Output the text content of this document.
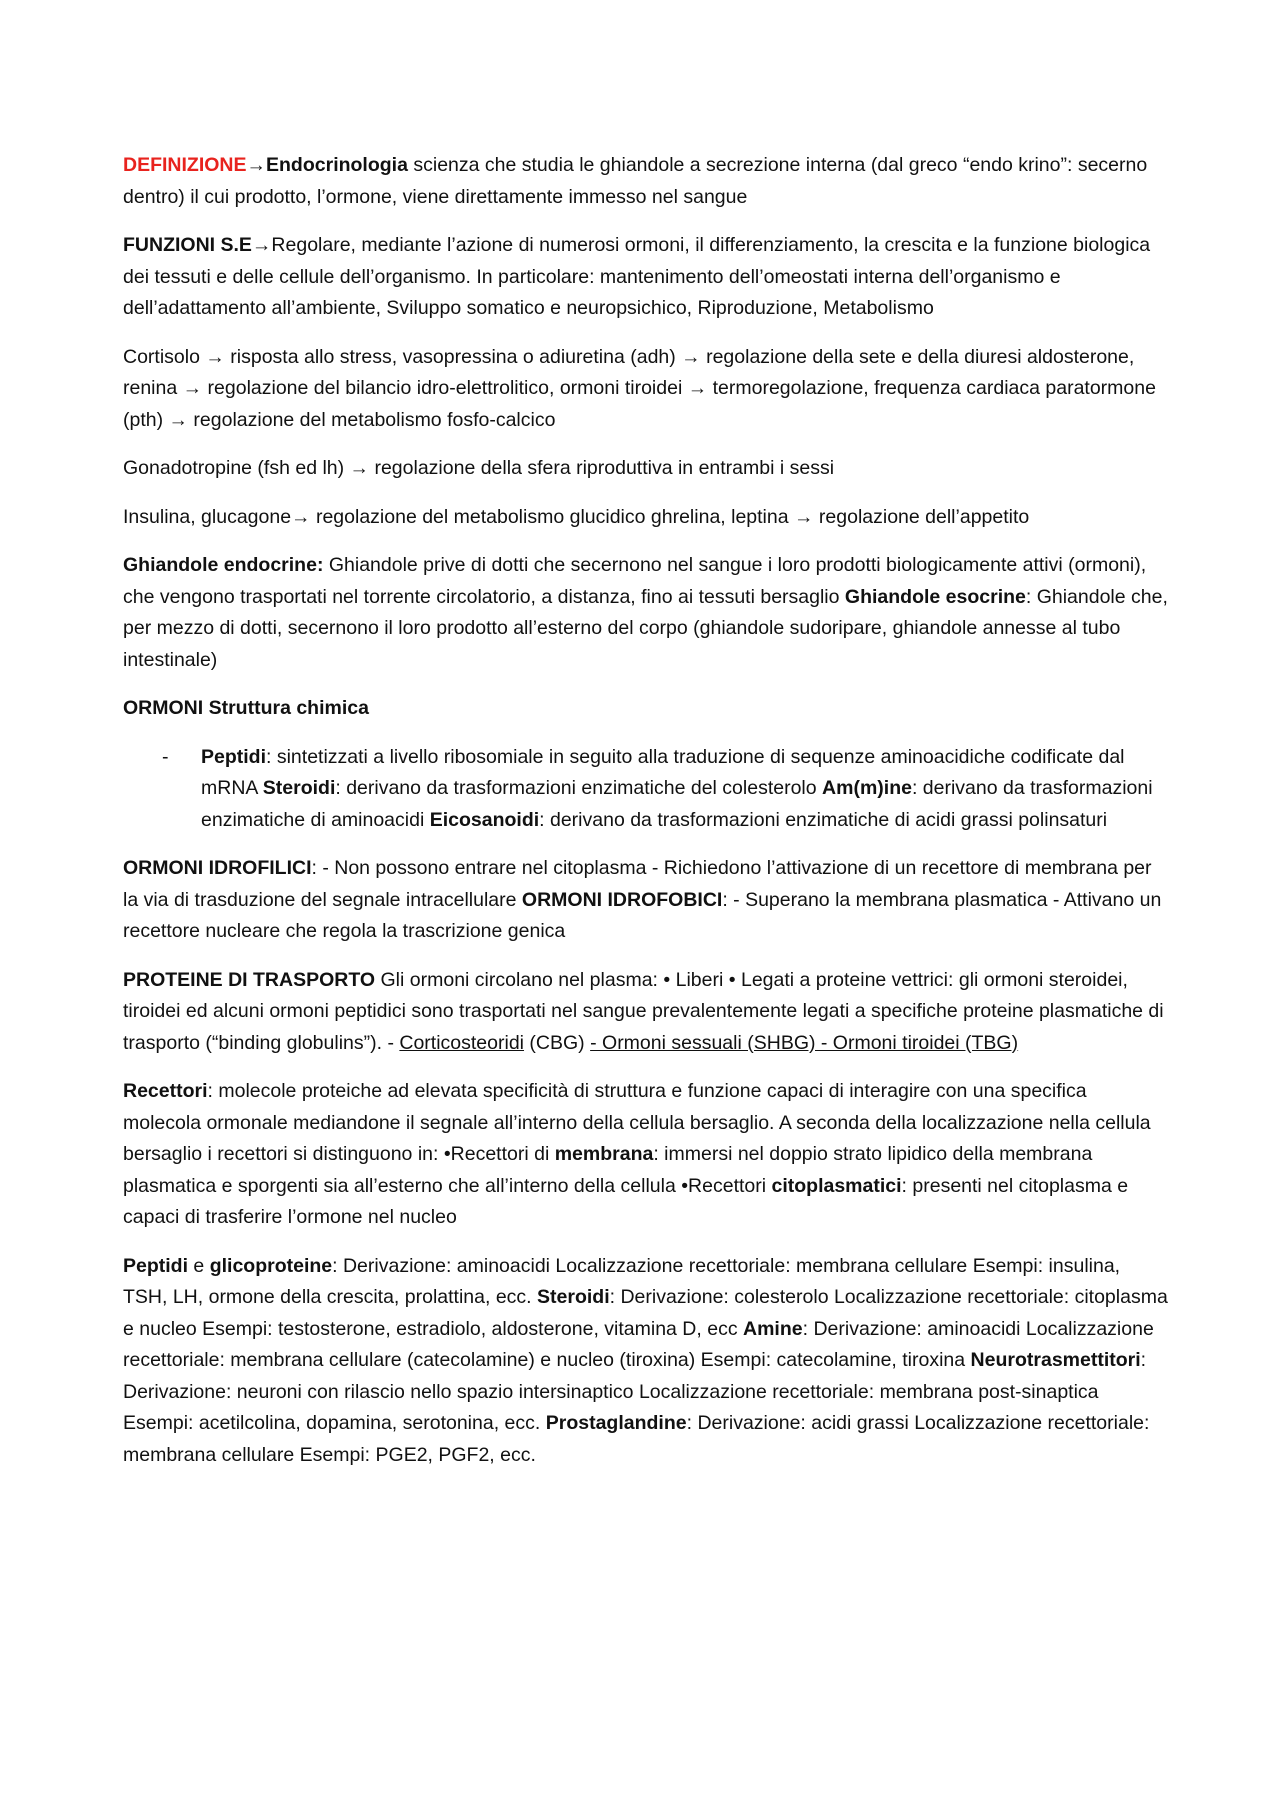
DEFINIZIONE→Endocrinologia scienza che studia le ghiandole a secrezione interna (dal greco “endo krino”: secerno dentro) il cui prodotto, l’ormone, viene direttamente immesso nel sangue

FUNZIONI S.E→Regolare, mediante l’azione di numerosi ormoni, il differenziamento, la crescita e la funzione biologica dei tessuti e delle cellule dell’organismo. In particolare: mantenimento dell’omeostati interna dell’organismo e dell’adattamento all’ambiente, Sviluppo somatico e neuropsichico, Riproduzione, Metabolismo

Cortisolo → risposta allo stress, vasopressina o adiuretina (adh) → regolazione della sete e della diuresi aldosterone, renina → regolazione del bilancio idro-elettrolitico, ormoni tiroidei → termoregolazione, frequenza cardiaca paratormone (pth) → regolazione del metabolismo fosfo-calcico

Gonadotropine (fsh ed lh) → regolazione della sfera riproduttiva in entrambi i sessi

Insulina, glucagone→ regolazione del metabolismo glucidico ghrelina, leptina → regolazione dell’appetito

Ghiandole endocrine: Ghiandole prive di dotti che secernono nel sangue i loro prodotti biologicamente attivi (ormoni), che vengono trasportati nel torrente circolatorio, a distanza, fino ai tessuti bersaglio Ghiandole esocrine: Ghiandole che, per mezzo di dotti, secernono il loro prodotto all’esterno del corpo (ghiandole sudoripare, ghiandole annesse al tubo intestinale)

ORMONI Struttura chimica

- Peptidi: sintetizzati a livello ribosomiale in seguito alla traduzione di sequenze aminoacidiche codificate dal mRNA Steroidi: derivano da trasformazioni enzimatiche del colesterolo Am(m)ine: derivano da trasformazioni enzimatiche di aminoacidi Eicosanoidi: derivano da trasformazioni enzimatiche di acidi grassi polinsaturi

ORMONI IDROFILICI: - Non possono entrare nel citoplasma - Richiedono l’attivazione di un recettore di membrana per la via di trasduzione del segnale intracellulare ORMONI IDROFOBICI: - Superano la membrana plasmatica - Attivano un recettore nucleare che regola la trascrizione genica

PROTEINE DI TRASPORTO Gli ormoni circolano nel plasma: • Liberi • Legati a proteine vettrici: gli ormoni steroidei, tiroidei ed alcuni ormoni peptidici sono trasportati nel sangue prevalentemente legati a specifiche proteine plasmatiche di trasporto (“binding globulins”). - Corticosteoridi (CBG) - Ormoni sessuali (SHBG) - Ormoni tiroidei (TBG)

Recettori: molecole proteiche ad elevata specificità di struttura e funzione capaci di interagire con una specifica molecola ormonale mediandone il segnale all’interno della cellula bersaglio. A seconda della localizzazione nella cellula bersaglio i recettori si distinguono in: •Recettori di membrana: immersi nel doppio strato lipidico della membrana plasmatica e sporgenti sia all’esterno che all’interno della cellula •Recettori citoplasmatici: presenti nel citoplasma e capaci di trasferire l’ormone nel nucleo

Peptidi e glicoproteine: Derivazione: aminoacidi Localizzazione recettoriale: membrana cellulare Esempi: insulina, TSH, LH, ormone della crescita, prolattina, ecc. Steroidi: Derivazione: colesterolo Localizzazione recettoriale: citoplasma e nucleo Esempi: testosterone, estradiolo, aldosterone, vitamina D, ecc Amine: Derivazione: aminoacidi Localizzazione recettoriale: membrana cellulare (catecolamine) e nucleo (tiroxina) Esempi: catecolamine, tiroxina Neurotrasmettitori: Derivazione: neuroni con rilascio nello spazio intersinaptico Localizzazione recettoriale: membrana post-sinaptica Esempi: acetilcolina, dopamina, serotonina, ecc. Prostaglandine: Derivazione: acidi grassi Localizzazione recettoriale: membrana cellulare Esempi: PGE2, PGF2, ecc.
